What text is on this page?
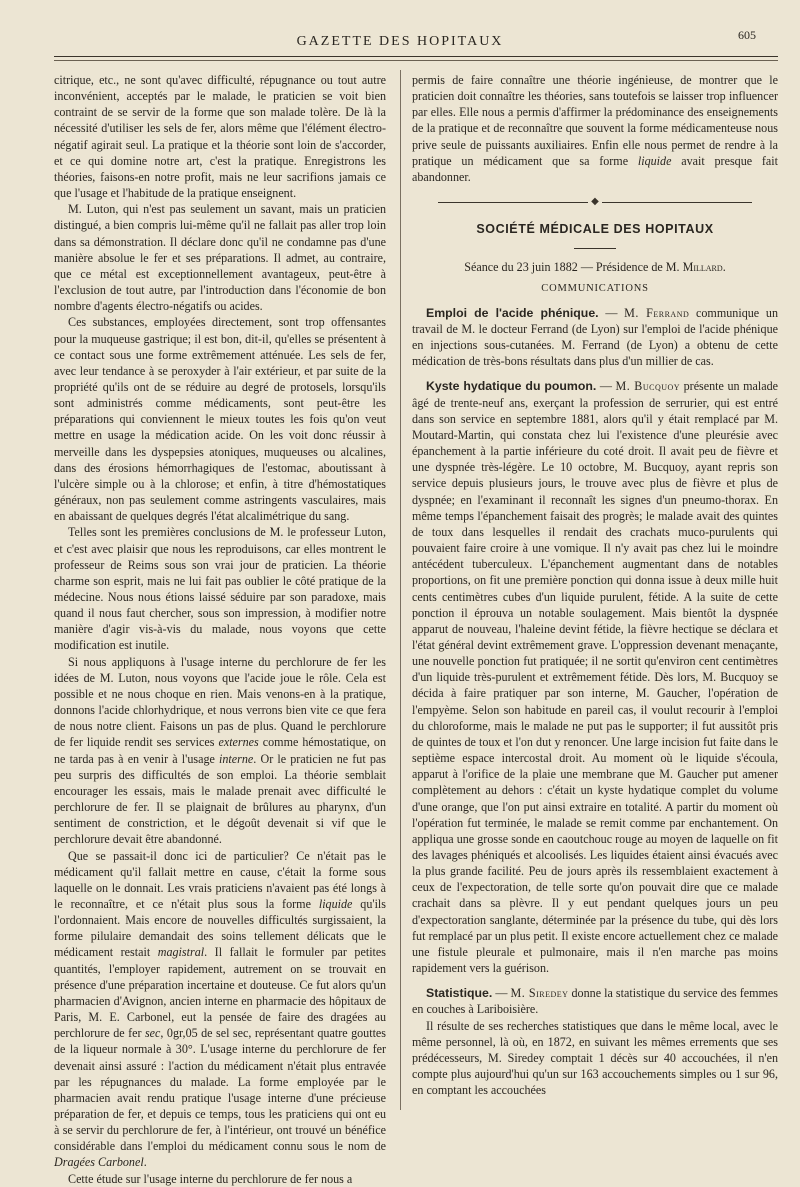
GAZETTE DES HOPITAUX	605

citrique, etc., ne sont qu'avec difficulté, répugnance ou tout autre inconvénient, acceptés par le malade, le praticien se voit bien contraint de se servir de la forme que son malade tolère. De là la nécessité d'utiliser les sels de fer, alors même que l'élément électro-négatif agirait seul. La pratique et la théorie sont loin de s'accorder, et ce qui domine notre art, c'est la pratique. Enregistrons les théories, faisons-en notre profit, mais ne leur sacrifions jamais ce que l'usage et l'habitude de la pratique enseignent.

M. Luton, qui n'est pas seulement un savant, mais un praticien distingué, a bien compris lui-même qu'il ne fallait pas aller trop loin dans sa démonstration. Il déclare donc qu'il ne condamne pas d'une manière absolue le fer et ses préparations. Il admet, au contraire, que ce métal est exceptionnellement avantageux, peut-être à l'exclusion de tout autre, par l'introduction dans l'économie de bon nombre d'agents électro-négatifs ou acides.

Ces substances, employées directement, sont trop offensantes pour la muqueuse gastrique; il est bon, dit-il, qu'elles se présentent à ce contact sous une forme extrêmement atténuée. Les sels de fer, avec leur tendance à se peroxyder à l'air extérieur, et par suite de la propriété qu'ils ont de se réduire au degré de protosels, lorsqu'ils sont administrés comme médicaments, sont peut-être les préparations qui conviennent le mieux toutes les fois qu'on veut mettre en usage la médication acide. On les voit donc réussir à merveille dans les dyspepsies atoniques, muqueuses ou alcalines, dans des érosions hémorrhagiques de l'estomac, aboutissant à l'ulcère simple ou à la chlorose; et enfin, à titre d'hémostatiques généraux, non pas seulement comme astringents vasculaires, mais en abaissant de quelques degrés l'état alcalimétrique du sang.

Telles sont les premières conclusions de M. le professeur Luton, et c'est avec plaisir que nous les reproduisons, car elles montrent le professeur de Reims sous son vrai jour de praticien. La théorie charme son esprit, mais ne lui fait pas oublier le côté pratique de la médecine. Nous nous étions laissé séduire par son paradoxe, mais quand il nous faut chercher, sous son impression, à modifier notre manière d'agir vis-à-vis du malade, nous voyons que cette modification est inutile.

Si nous appliquons à l'usage interne du perchlorure de fer les idées de M. Luton, nous voyons que l'acide joue le rôle. Cela est possible et ne nous choque en rien. Mais venons-en à la pratique, donnons l'acide chlorhydrique, et nous verrons bien vite ce que fera de nous notre client. Faisons un pas de plus. Quand le perchlorure de fer liquide rendit ses services externes comme hémostatique, on ne tarda pas à en venir à l'usage interne. Or le praticien ne fut pas peu surpris des difficultés de son emploi. La théorie semblait encourager les essais, mais le malade prenait avec difficulté le perchlorure de fer. Il se plaignait de brûlures au pharynx, d'un sentiment de constriction, et le dégoût devenait si vif que le perchlorure devait être abandonné.

Que se passait-il donc ici de particulier? Ce n'était pas le médicament qu'il fallait mettre en cause, c'était la forme sous laquelle on le donnait. Les vrais praticiens n'avaient pas été longs à le reconnaître, et ce n'était plus sous la forme liquide qu'ils l'ordonnaient. Mais encore de nouvelles difficultés surgissaient, la forme pilulaire demandait des soins tellement délicats que le médicament restait magistral. Il fallait le formuler par petites quantités, l'employer rapidement, autrement on se trouvait en présence d'une préparation incertaine et douteuse. Ce fut alors qu'un pharmacien d'Avignon, ancien interne en pharmacie des hôpitaux de Paris, M. E. Carbonel, eut la pensée de faire des dragées au perchlorure de fer sec, 0gr,05 de sel sec, représentant quatre gouttes de la liqueur normale à 30°. L'usage interne du perchlorure de fer devenait ainsi assuré : l'action du médicament n'était plus entravée par les répugnances du malade. La forme employée par le pharmacien avait rendu pratique l'usage interne d'une précieuse préparation de fer, et depuis ce temps, tous les praticiens qui ont eu à se servir du perchlorure de fer, à l'intérieur, ont trouvé un bénéfice considérable dans l'emploi du médicament connu sous le nom de Dragées Carbonel.

Cette étude sur l'usage interne du perchlorure de fer nous a

permis de faire connaître une théorie ingénieuse, de montrer que le praticien doit connaître les théories, sans toutefois se laisser trop influencer par elles. Elle nous a permis d'affirmer la prédominance des enseignements de la pratique et de reconnaître que souvent la forme médicamenteuse nous prive seule de puissants auxiliaires. Enfin elle nous permet de rendre à la pratique un médicament que sa forme liquide avait presque fait abandonner.

◆
SOCIÉTÉ MÉDICALE DES HOPITAUX
Séance du 23 juin 1882 — Présidence de M. Millard.
COMMUNICATIONS

Emploi de l'acide phénique. — M. Ferrand communique un travail de M. le docteur Ferrand (de Lyon) sur l'emploi de l'acide phénique en injections sous-cutanées. M. Ferrand (de Lyon) a obtenu de cette médication de très-bons résultats dans plus d'un millier de cas.

Kyste hydatique du poumon. — M. Bucquoy présente un malade âgé de trente-neuf ans, exerçant la profession de serrurier, qui est entré dans son service en septembre 1881, alors qu'il y était remplacé par M. Moutard-Martin, qui constata chez lui l'existence d'une pleurésie avec épanchement à la partie inférieure du coté droit. Il avait peu de fièvre et une dyspnée très-légère. Le 10 octobre, M. Bucquoy, ayant repris son service depuis plusieurs jours, le trouve avec plus de fièvre et plus de dyspnée; en l'examinant il reconnaît les signes d'un pneumo-thorax. En même temps l'épanchement faisait des progrès; le malade avait des quintes de toux dans lesquelles il rendait des crachats muco-purulents qui pouvaient faire croire à une vomique. Il n'y avait pas chez lui le moindre antécédent tuberculeux. L'épanchement augmentant dans de notables proportions, on fit une première ponction qui donna issue à deux mille huit cents centimètres cubes d'un liquide purulent, fétide. A la suite de cette ponction il éprouva un notable soulagement. Mais bientôt la dyspnée apparut de nouveau, l'haleine devint fétide, la fièvre hectique se déclara et l'état général devint extrêmement grave. L'oppression devenant menaçante, une nouvelle ponction fut pratiquée; il ne sortit qu'environ cent centimètres d'un liquide très-purulent et extrêmement fétide. Dès lors, M. Bucquoy se décida à faire pratiquer par son interne, M. Gaucher, l'opération de l'empyème. Selon son habitude en pareil cas, il voulut recourir à l'emploi du chloroforme, mais le malade ne put pas le supporter; il fut aussitôt pris de quintes de toux et l'on dut y renoncer. Une large incision fut faite dans le septième espace intercostal droit. Au moment où le liquide s'écoula, apparut à l'orifice de la plaie une membrane que M. Gaucher put amener complètement au dehors : c'était un kyste hydatique complet du volume d'une orange, que l'on put ainsi extraire en totalité. A partir du moment où l'opération fut terminée, le malade se remit comme par enchantement. On appliqua une grosse sonde en caoutchouc rouge au moyen de laquelle on fit des lavages phéniqués et alcoolisés. Les liquides étaient ainsi évacués avec la plus grande facilité. Peu de jours après ils ressemblaient exactement à ceux de l'expectoration, de telle sorte qu'on pouvait dire que ce malade crachait dans sa plèvre. Il y eut pendant quelques jours un peu d'expectoration sanglante, déterminée par la présence du tube, qui dès lors fut remplacé par un plus petit. Il existe encore actuellement chez ce malade une fistule pleurale et pulmonaire, mais il n'en marche pas moins rapidement vers la guérison.

Statistique. — M. Siredey donne la statistique du service des femmes en couches à Lariboisière.

Il résulte de ses recherches statistiques que dans le même local, avec le même personnel, là où, en 1872, en suivant les mêmes errements que ses prédécesseurs, M. Siredey comptait 1 décès sur 40 accouchées, il n'en compte plus aujourd'hui qu'un sur 163 accouchements simples ou 1 sur 96, en comptant les accouchées
